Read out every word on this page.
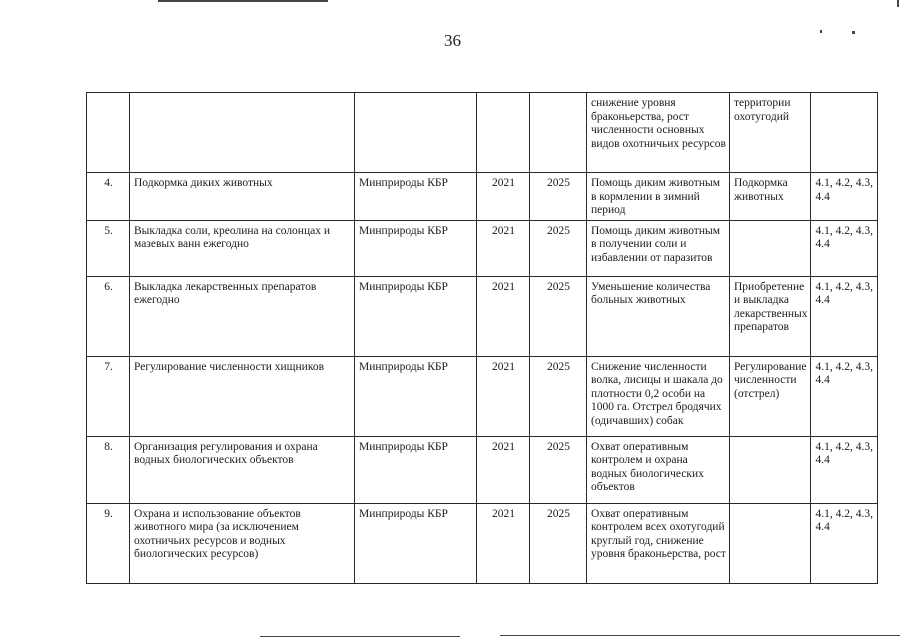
36
					снижение уровня браконьерства, рост численности основных видов охотничьих ресурсов	территории охотугодий	
4.	Подкормка диких животных	Минприроды КБР	2021	2025	Помощь диким животным в кормлении в зимний период	Подкормка животных	4.1, 4.2, 4.3, 4.4
5.	Выкладка соли, креолина на солонцах и мазевых ванн ежегодно	Минприроды КБР	2021	2025	Помощь диким животным в получении соли и избавлении от паразитов		4.1, 4.2, 4.3, 4.4
6.	Выкладка лекарственных препаратов ежегодно	Минприроды КБР	2021	2025	Уменьшение количества больных животных	Приобретение и выкладка лекарственных препаратов	4.1, 4.2, 4.3, 4.4
7.	Регулирование численности хищников	Минприроды КБР	2021	2025	Снижение численности волка, лисицы и шакала до плотности 0,2 особи на 1000 га. Отстрел бродячих (одичавших) собак	Регулирование численности (отстрел)	4.1, 4.2, 4.3, 4.4
8.	Организация регулирования и охрана водных биологических объектов	Минприроды КБР	2021	2025	Охват оперативным контролем и охрана водных биологических объектов		4.1, 4.2, 4.3, 4.4
9.	Охрана и использование объектов животного мира (за исключением охотничьих ресурсов и водных биологических ресурсов)	Минприроды КБР	2021	2025	Охват оперативным контролем всех охотугодий круглый год, снижение уровня браконьерства, рост		4.1, 4.2, 4.3, 4.4
